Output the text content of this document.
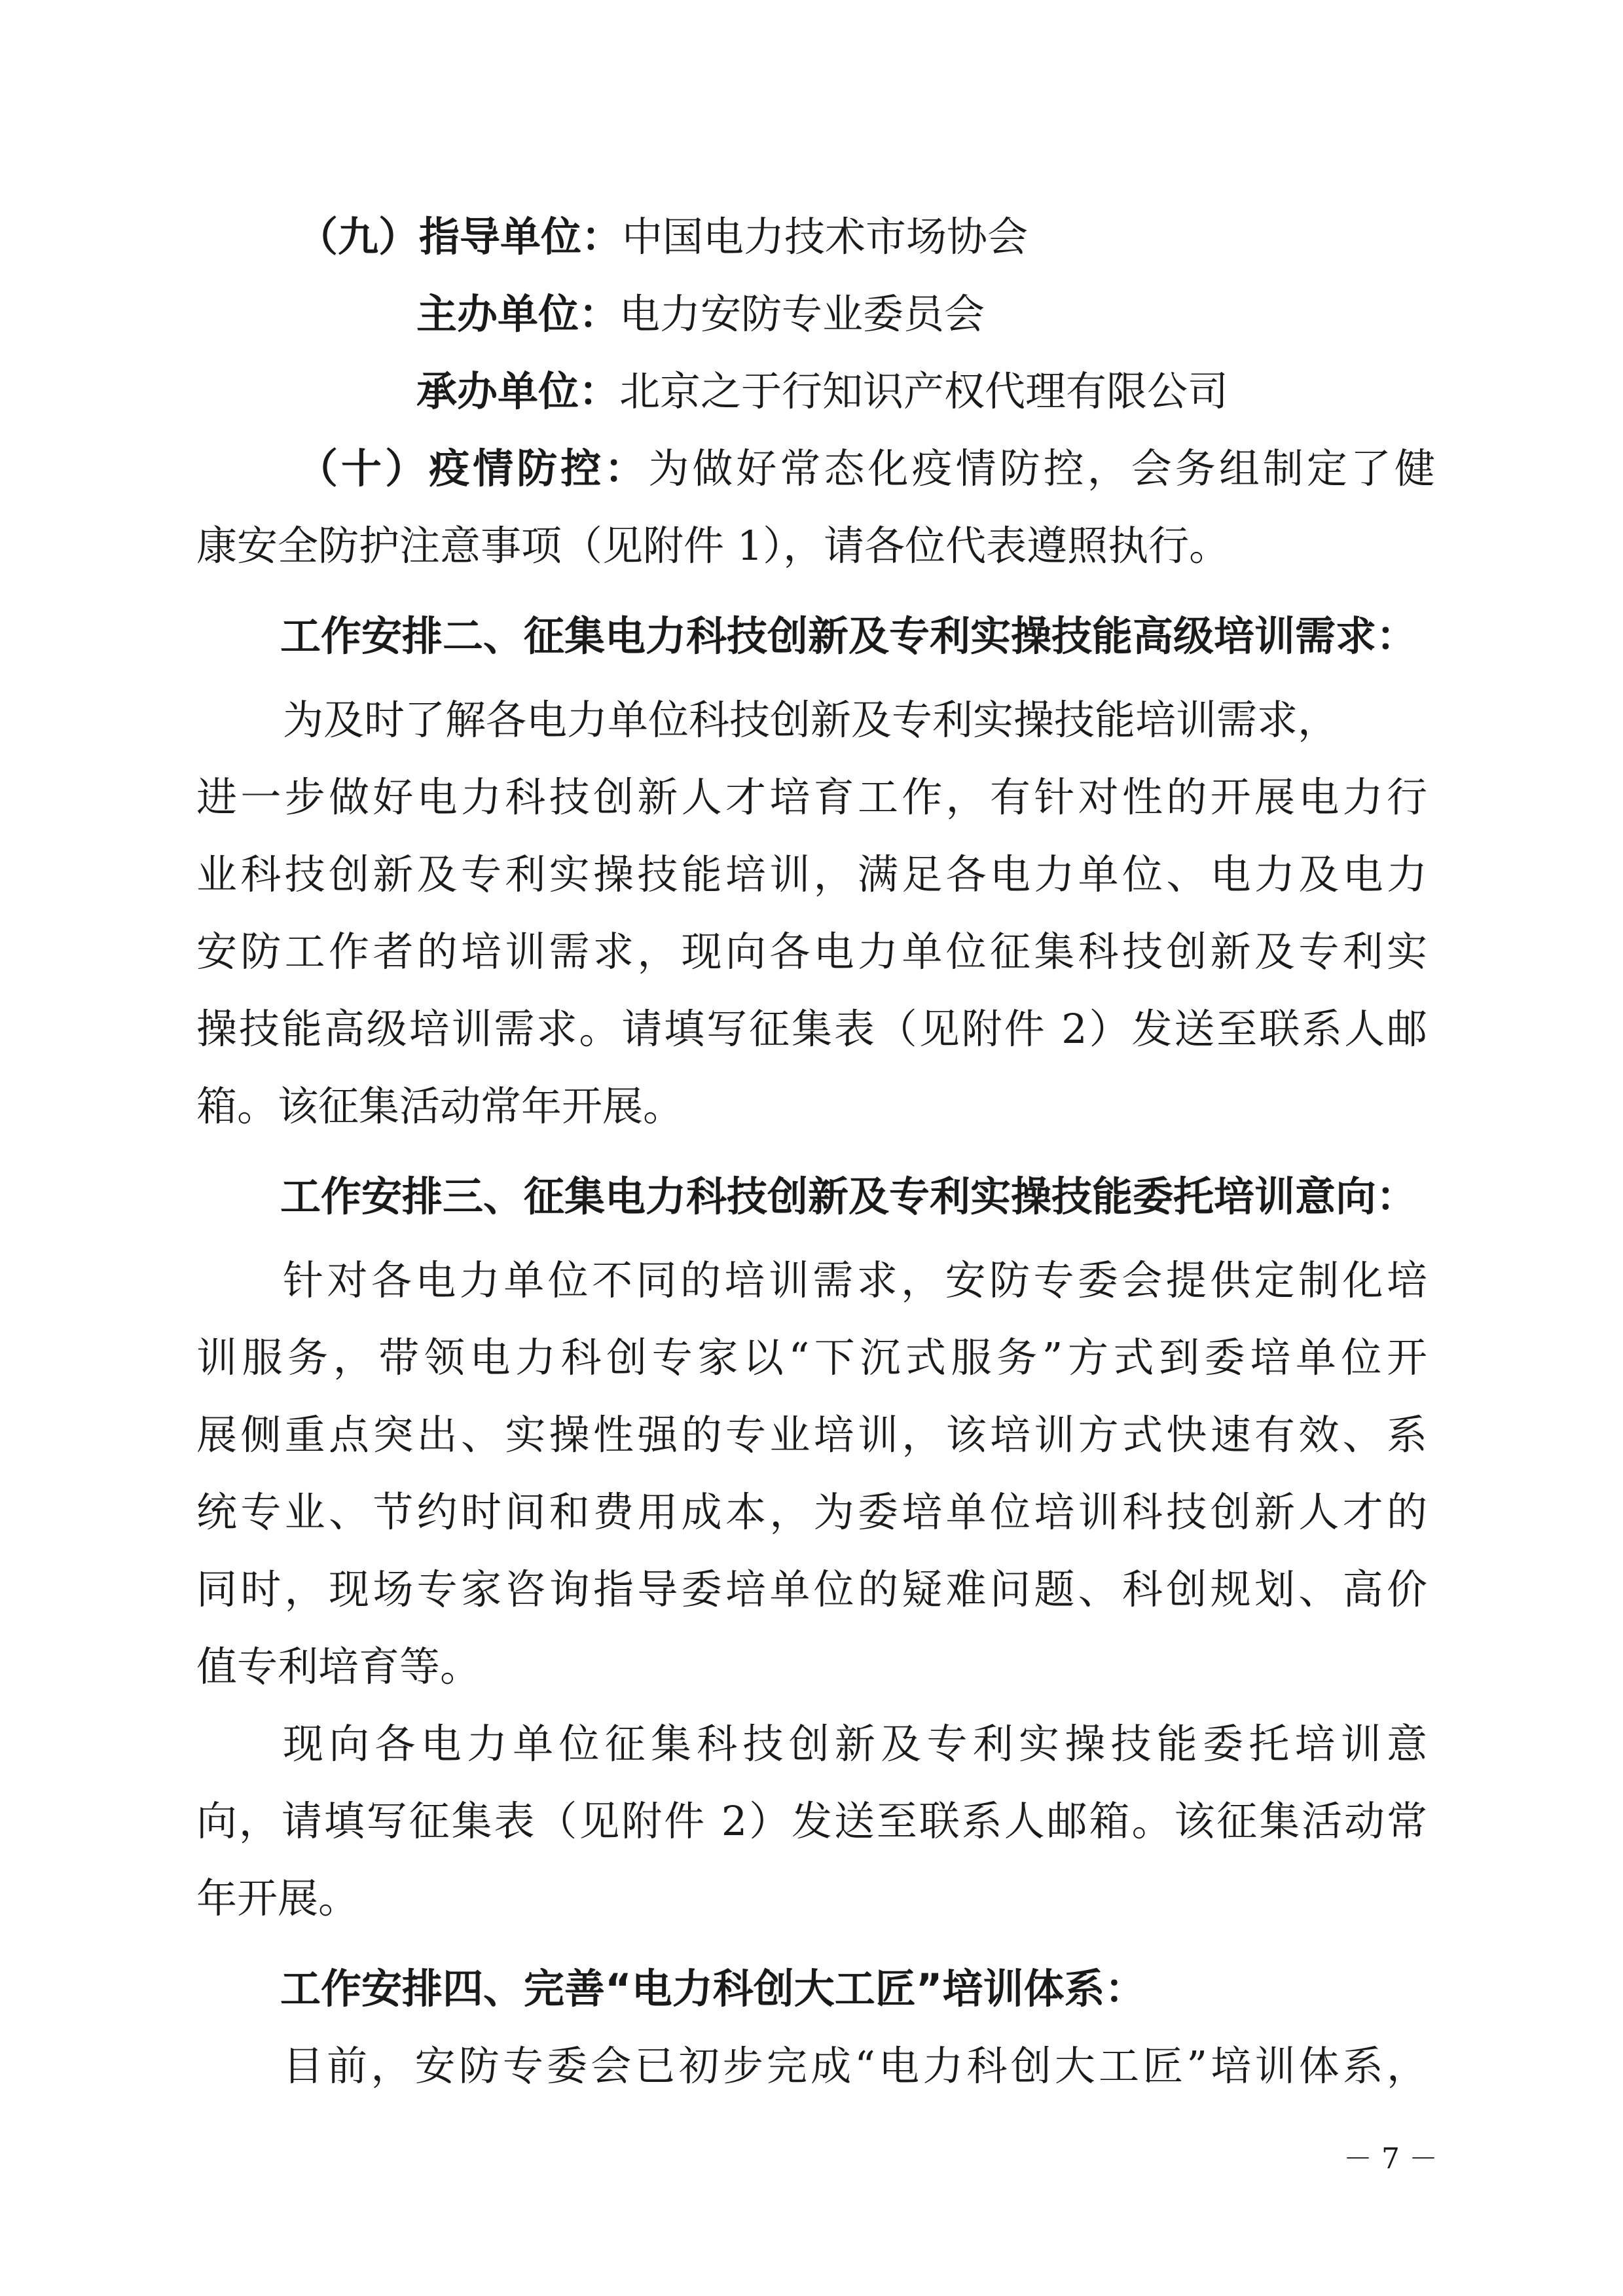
（九）指导单位：中国电力技术市场协会
主办单位：电力安防专业委员会
承办单位：北京之于行知识产权代理有限公司
（十）疫情防控：为做好常态化疫情防控，会务组制定了健
康安全防护注意事项（见附件 1），请各位代表遵照执行。
工作安排二、征集电力科技创新及专利实操技能高级培训需求：
为及时了解各电力单位科技创新及专利实操技能培训需求，
进一步做好电力科技创新人才培育工作，有针对性的开展电力行
业科技创新及专利实操技能培训，满足各电力单位、电力及电力
安防工作者的培训需求，现向各电力单位征集科技创新及专利实
操技能高级培训需求。请填写征集表（见附件 2）发送至联系人邮
箱。该征集活动常年开展。
工作安排三、征集电力科技创新及专利实操技能委托培训意向：
针对各电力单位不同的培训需求，安防专委会提供定制化培
训服务，带领电力科创专家以“下沉式服务”方式到委培单位开
展侧重点突出、实操性强的专业培训，该培训方式快速有效、系
统专业、节约时间和费用成本，为委培单位培训科技创新人才的
同时，现场专家咨询指导委培单位的疑难问题、科创规划、高价
值专利培育等。
现向各电力单位征集科技创新及专利实操技能委托培训意
向，请填写征集表（见附件 2）发送至联系人邮箱。该征集活动常
年开展。
工作安排四、完善“电力科创大工匠”培训体系：
目前，安防专委会已初步完成“电力科创大工匠”培训体系，
－ 7 －
